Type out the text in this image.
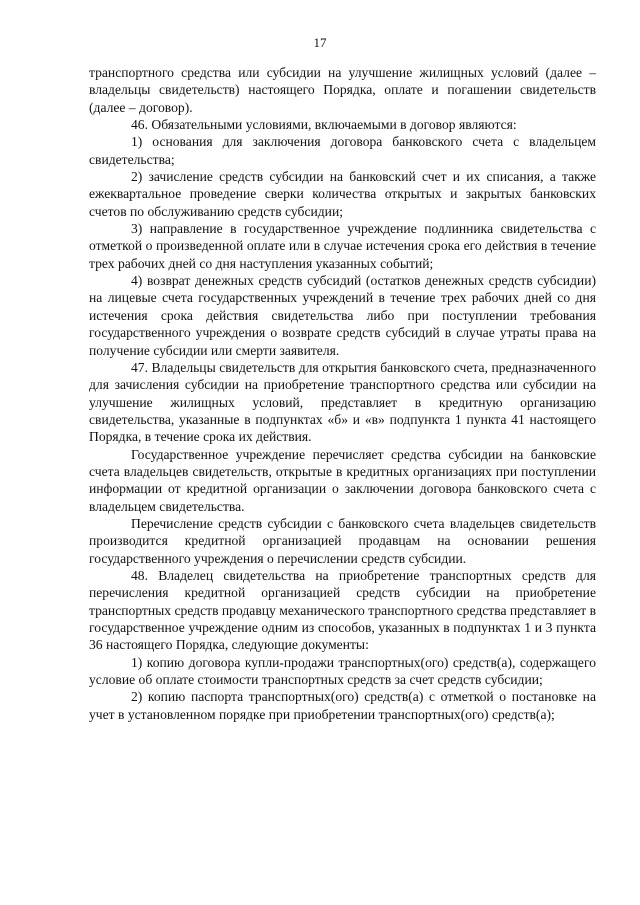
17

транспортного средства или субсидии на улучшение жилищных условий (далее – владельцы свидетельств) настоящего Порядка, оплате и погашении свидетельств (далее – договор).

46. Обязательными условиями, включаемыми в договор являются:

1) основания для заключения договора банковского счета с владельцем свидетельства;

2) зачисление средств субсидии на банковский счет и их списания, а также ежеквартальное проведение сверки количества открытых и закрытых банковских счетов по обслуживанию средств субсидии;

3) направление в государственное учреждение подлинника свидетельства с отметкой о произведенной оплате или в случае истечения срока его действия в течение трех рабочих дней со дня наступления указанных событий;

4) возврат денежных средств субсидий (остатков денежных средств субсидии) на лицевые счета государственных учреждений в течение трех рабочих дней со дня истечения срока действия свидетельства либо при поступлении требования государственного учреждения о возврате средств субсидий в случае утраты права на получение субсидии или смерти заявителя.

47. Владельцы свидетельств для открытия банковского счета, предназначенного для зачисления субсидии на приобретение транспортного средства или субсидии на улучшение жилищных условий, представляет в кредитную организацию свидетельства, указанные в подпунктах «б» и «в» подпункта 1 пункта 41 настоящего Порядка, в течение срока их действия.

Государственное учреждение перечисляет средства субсидии на банковские счета владельцев свидетельств, открытые в кредитных организациях при поступлении информации от кредитной организации о заключении договора банковского счета с владельцем свидетельства.

Перечисление средств субсидии с банковского счета владельцев свидетельств производится кредитной организацией продавцам на основании решения государственного учреждения о перечислении средств субсидии.

48. Владелец свидетельства на приобретение транспортных средств для перечисления кредитной организацией средств субсидии на приобретение транспортных средств продавцу механического транспортного средства представляет в государственное учреждение одним из способов, указанных в подпунктах 1 и 3 пункта 36 настоящего Порядка, следующие документы:

1) копию договора купли-продажи транспортных(ого) средств(а), содержащего условие об оплате стоимости транспортных средств за счет средств субсидии;

2) копию паспорта транспортных(ого) средств(а) с отметкой о постановке на учет в установленном порядке при приобретении транспортных(ого) средств(а);
